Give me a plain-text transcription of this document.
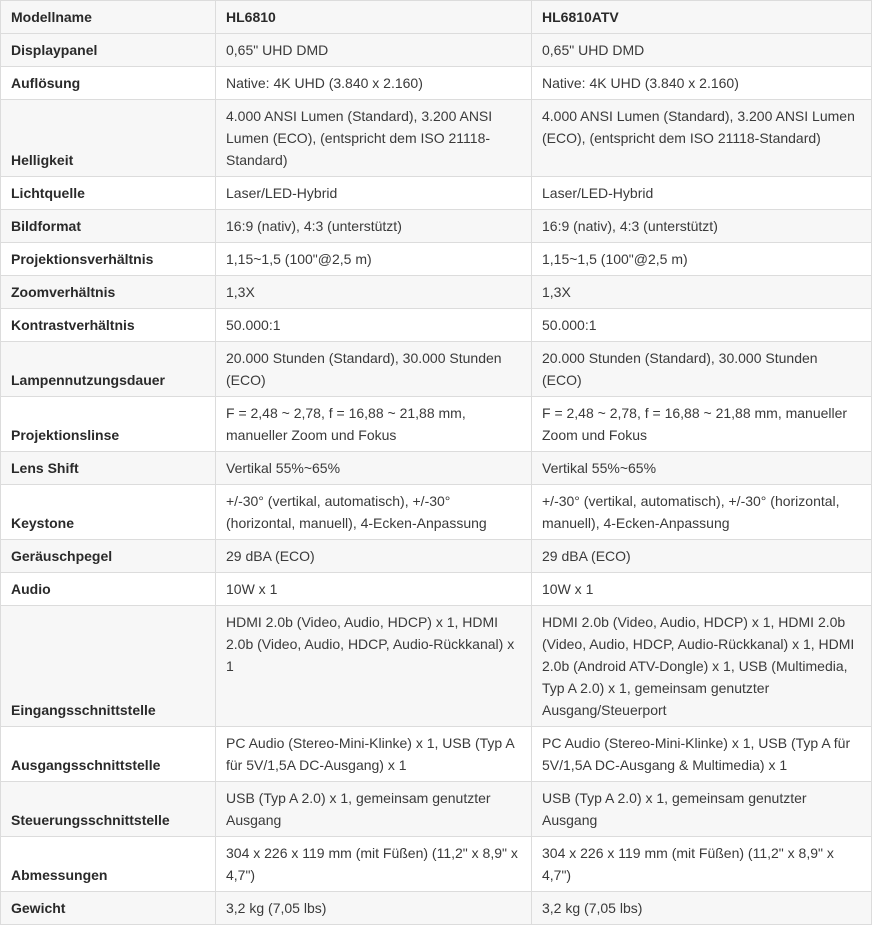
Modellname	HL6810	HL6810ATV
Displaypanel	0,65" UHD DMD	0,65" UHD DMD
Auflösung	Native: 4K UHD (3.840 x 2.160)	Native: 4K UHD (3.840 x 2.160)
Helligkeit	4.000 ANSI Lumen (Standard), 3.200 ANSI Lumen (ECO), (entspricht dem ISO 21118-Standard)	4.000 ANSI Lumen (Standard), 3.200 ANSI Lumen (ECO), (entspricht dem ISO 21118-Standard)
Lichtquelle	Laser/LED-Hybrid	Laser/LED-Hybrid
Bildformat	16:9 (nativ), 4:3 (unterstützt)	16:9 (nativ), 4:3 (unterstützt)
Projektionsverhältnis	1,15~1,5 (100"@2,5 m)	1,15~1,5 (100"@2,5 m)
Zoomverhältnis	1,3X	1,3X
Kontrastverhältnis	50.000:1	50.000:1
Lampennutzungsdauer	20.000 Stunden (Standard), 30.000 Stunden (ECO)	20.000 Stunden (Standard), 30.000 Stunden (ECO)
Projektionslinse	F = 2,48 ~ 2,78, f = 16,88 ~ 21,88 mm, manueller Zoom und Fokus	F = 2,48 ~ 2,78, f = 16,88 ~ 21,88 mm, manueller Zoom und Fokus
Lens Shift	Vertikal 55%~65%	Vertikal 55%~65%
Keystone	+/-30° (vertikal, automatisch), +/-30° (horizontal, manuell), 4-Ecken-Anpassung	+/-30° (vertikal, automatisch), +/-30° (horizontal, manuell), 4-Ecken-Anpassung
Geräuschpegel	29 dBA (ECO)	29 dBA (ECO)
Audio	10W x 1	10W x 1
Eingangsschnittstelle	HDMI 2.0b (Video, Audio, HDCP) x 1, HDMI 2.0b (Video, Audio, HDCP, Audio-Rückkanal) x 1	HDMI 2.0b (Video, Audio, HDCP) x 1, HDMI 2.0b (Video, Audio, HDCP, Audio-Rückkanal) x 1, HDMI 2.0b (Android ATV-Dongle) x 1, USB (Multimedia, Typ A 2.0) x 1, gemeinsam genutzter Ausgang/Steuerport
Ausgangsschnittstelle	PC Audio (Stereo-Mini-Klinke) x 1, USB (Typ A für 5V/1,5A DC-Ausgang) x 1	PC Audio (Stereo-Mini-Klinke) x 1, USB (Typ A für 5V/1,5A DC-Ausgang & Multimedia) x 1
Steuerungsschnittstelle	USB (Typ A 2.0) x 1, gemeinsam genutzter Ausgang	USB (Typ A 2.0) x 1, gemeinsam genutzter Ausgang
Abmessungen	304 x 226 x 119 mm (mit Füßen) (11,2" x 8,9" x 4,7")	304 x 226 x 119 mm (mit Füßen) (11,2" x 8,9" x 4,7")
Gewicht	3,2 kg (7,05 lbs)	3,2 kg (7,05 lbs)
